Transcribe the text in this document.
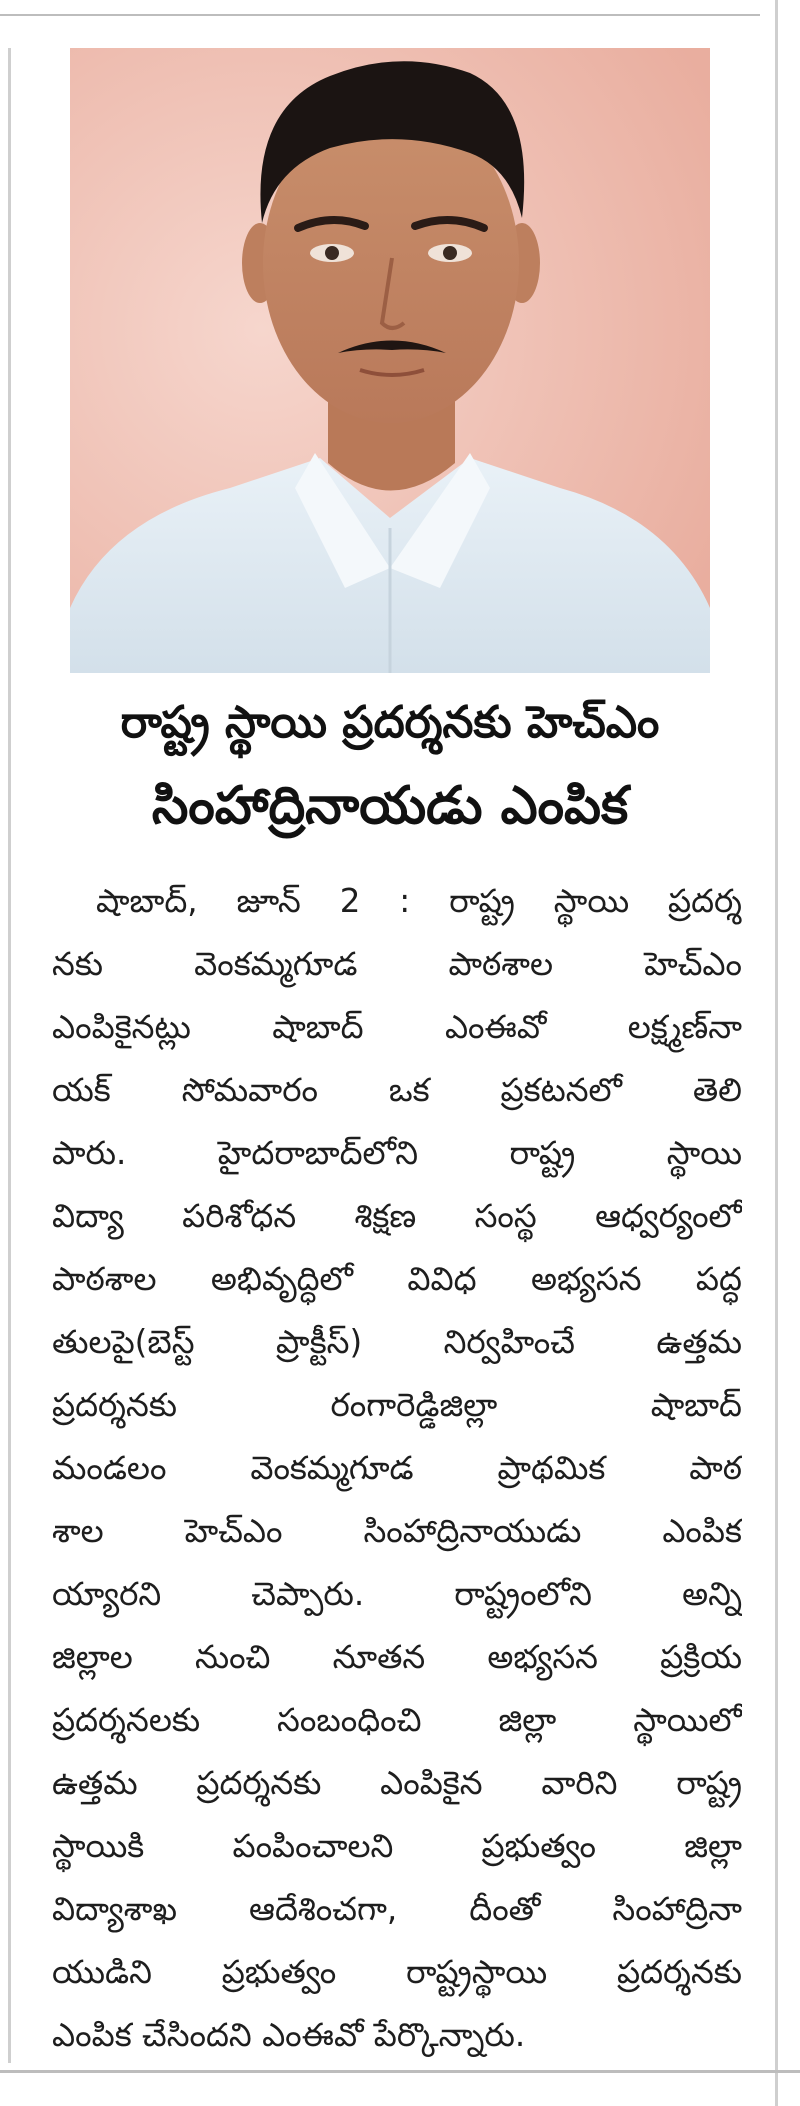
రాష్ట్ర స్థాయి ప్రదర్శనకు హెచ్‌ఎం
సింహాద్రినాయడు ఎంపిక
షాబాద్‌, జూన్‌ 2 : రాష్ట్ర స్థాయి ప్రదర్శ
నకు వెంకమ్మగూడ పాఠశాల హెచ్‌ఎం
ఎంపికైనట్లు షాబాద్‌ ఎంఈవో లక్ష్మణ్‌నా
యక్‌ సోమవారం ఒక ప్రకటనలో తెలి
పారు. హైదరాబాద్‌లోని రాష్ట్ర స్థాయి
విద్యా పరిశోధన శిక్షణ సంస్థ ఆధ్వర్యంలో
పాఠశాల అభివృద్ధిలో వివిధ అభ్యసన పద్ధ
తులపై(బెస్ట్‌ ప్రాక్టీస్‌) నిర్వహించే ఉత్తమ
ప్రదర్శనకు రంగారెడ్డిజిల్లా షాబాద్‌
మండలం వెంకమ్మగూడ ప్రాథమిక పాఠ
శాల హెచ్‌ఎం సింహాద్రినాయుడు ఎంపిక
య్యారని చెప్పారు. రాష్ట్రంలోని అన్ని
జిల్లాల నుంచి నూతన అభ్యసన ప్రక్రియ
ప్రదర్శనలకు సంబంధించి జిల్లా స్థాయిలో
ఉత్తమ ప్రదర్శనకు ఎంపికైన వారిని రాష్ట్ర
స్థాయికి పంపించాలని ప్రభుత్వం జిల్లా
విద్యాశాఖ ఆదేశించగా, దీంతో సింహాద్రినా
యుడిని ప్రభుత్వం రాష్ట్రస్థాయి ప్రదర్శనకు
ఎంపిక చేసిందని ఎంఈవో పేర్కొన్నారు.
